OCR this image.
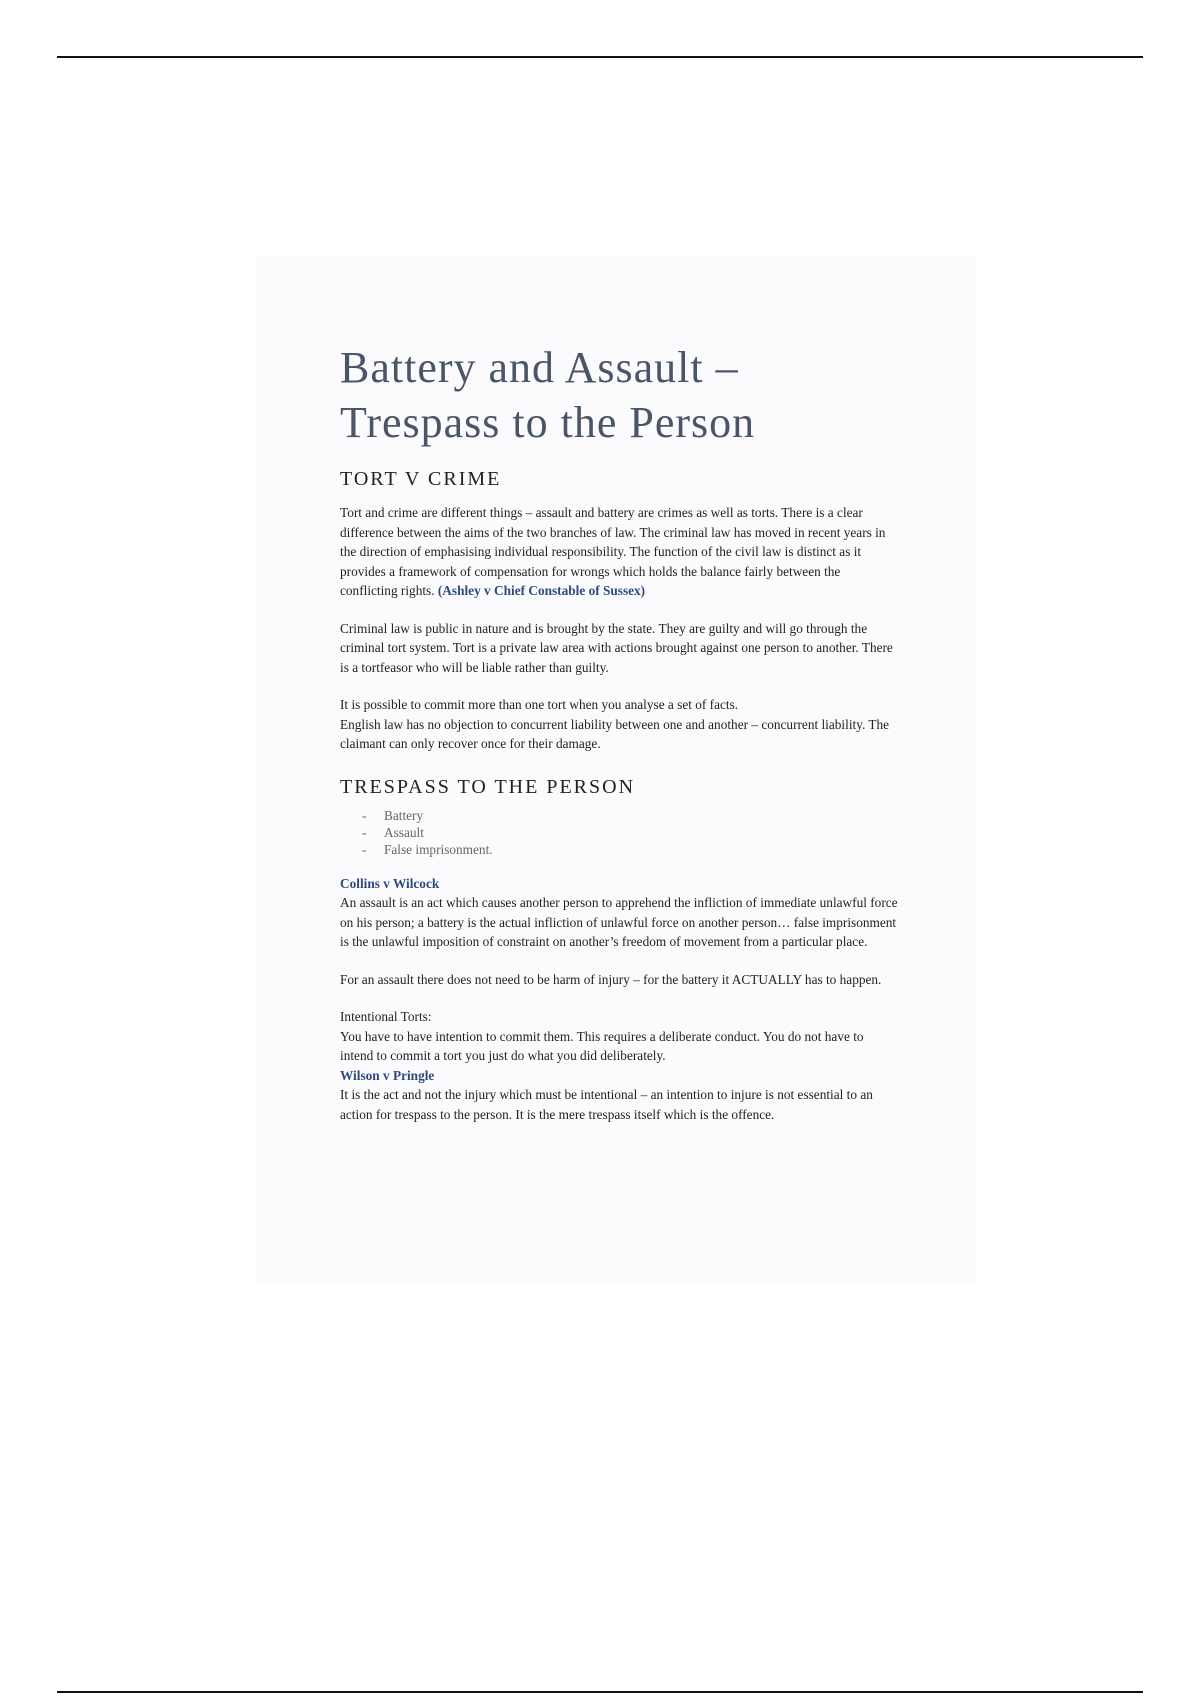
Battery and Assault –
Trespass to the Person
TORT V CRIME

Tort and crime are different things – assault and battery are crimes as well as torts. There is a clear difference between the aims of the two branches of law. The criminal law has moved in recent years in the direction of emphasising individual responsibility. The function of the civil law is distinct as it provides a framework of compensation for wrongs which holds the balance fairly between the conflicting rights. (Ashley v Chief Constable of Sussex)

Criminal law is public in nature and is brought by the state. They are guilty and will go through the criminal tort system. Tort is a private law area with actions brought against one person to another. There is a tortfeasor who will be liable rather than guilty.

It is possible to commit more than one tort when you analyse a set of facts.
English law has no objection to concurrent liability between one and another – concurrent liability. The claimant can only recover once for their damage.

TRESPASS TO THE PERSON
- Battery
- Assault
- False imprisonment.
Collins v Wilcock

An assault is an act which causes another person to apprehend the infliction of immediate unlawful force on his person; a battery is the actual infliction of unlawful force on another person… false imprisonment is the unlawful imposition of constraint on another’s freedom of movement from a particular place.

For an assault there does not need to be harm of injury – for the battery it ACTUALLY has to happen.

Intentional Torts:

You have to have intention to commit them. This requires a deliberate conduct. You do not have to intend to commit a tort you just do what you did deliberately.

Wilson v Pringle

It is the act and not the injury which must be intentional – an intention to injure is not essential to an action for trespass to the person. It is the mere trespass itself which is the offence.
